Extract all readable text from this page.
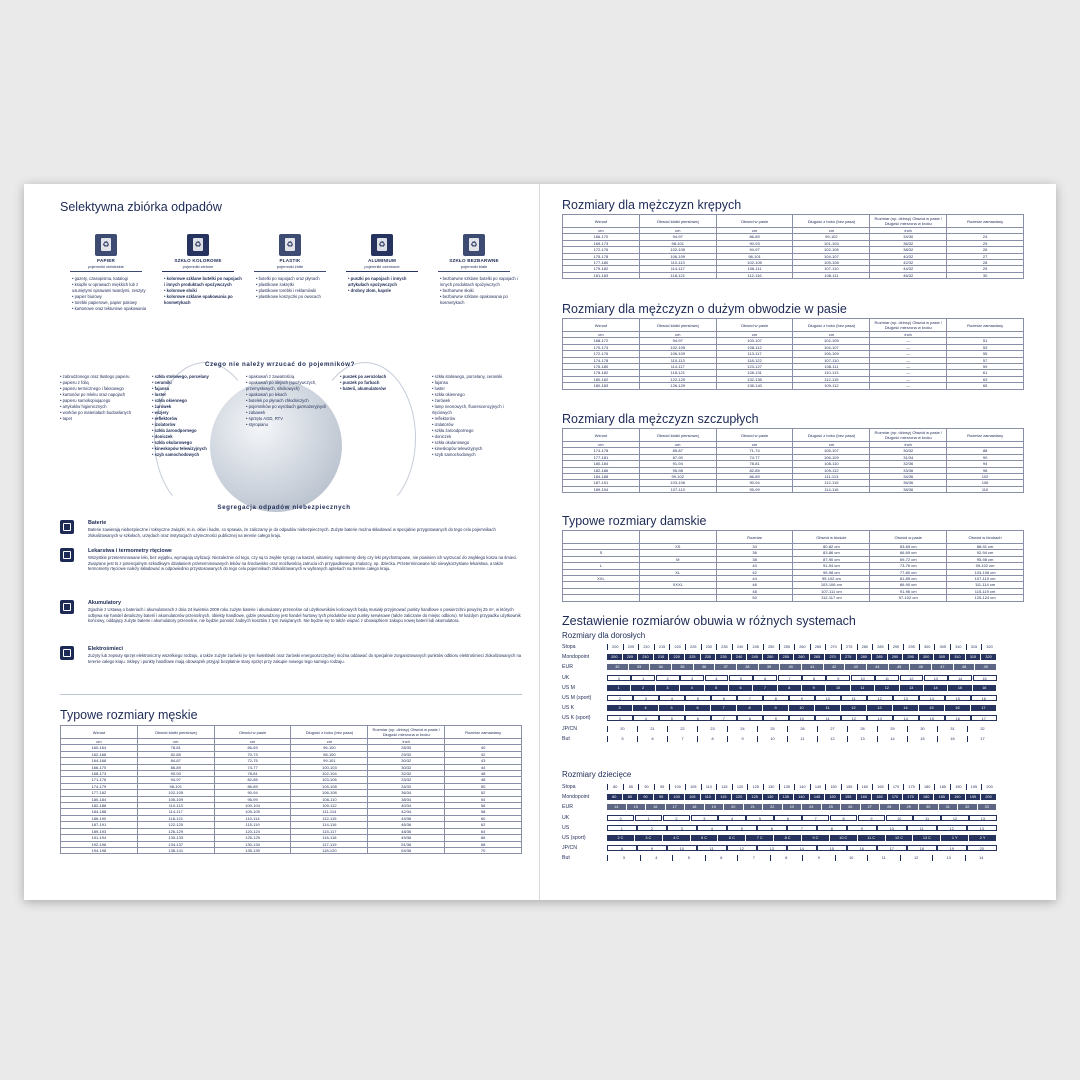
Selektywna zbiórka odpadów
♻
PAPIER
pojemniki niebieskie
• gazety, czasopisma, katalogi
• książki w oprawach miękkich lub z usuniętymi oprawami twardymi, zeszyty
• papier biurowy
• torebki papierowe, papier pakowy
• kartonowe oraz tekturowe opakowania
♻
SZKŁO KOLOROWE
pojemniki zielone
• kolorowe szklane butelki po napojach i innych produktach spożywczych
• kolorowe słoiki
• kolorowe szklane opakowania po kosmetykach
♻
PLASTIK
pojemniki żółte
• butelki po napojach oraz płynach
• plastikowe zakrętki
• plastikowe torebki i reklamówki
• plastikowe koszyczki po owocach
♻
ALUMINIUM
pojemniki czerwone
• puszki po napojach i innych artykułach spożywczych
• drobny złom, kapsle
♻
SZKŁO BEZBARWNE
pojemniki białe
• bezbarwne szklane butelki po napojach i innych produktach spożywczych
• bezbarwne słoiki
• bezbarwne szklane opakowania po kosmetykach
Czego nie należy wrzucać do pojemników?
• zabrudzonego oraz tłustego papieru
• papieru z folią
• papieru termicznego i faksowego
• kartonów po mleku oraz napojach
• papieru samokopiującego
• artykułów higienicznych
• worków po materiałach budowlanych
• tapet
• szkła stołowego, porcelany
• ceramiki
• fajansu
• luster
• szkła okiennego
• żarówek
• wizjery
• reflektorów
• izolatorów
• szkła żaroodpornego
• doniczek
• szkła okularowego
• kineskopów telewizyjnych
• szyb samochodowych
• opakowań z zawartością
• opakowań po olejach (spożywczych, przemysłowych, silnikowych)
• opakowań po lekach
• butelek po płynach chłodniczych
• pojemników po wyrobach garmażeryjnych
• zabawek
• sprzętu AGD, RTV
• styropianu
• puszek po aerozolach
• puszek po farbach
• baterii, akumulatorów
• szkła stołowego, porcelany, ceramiki
• fajansu
• luster
• szkła okiennego
• żarówek
• lamp neonowych, fluorescencyjnych i rtęciowych
• reflektorów
• izolatorów
• szkła żaroodpornego
• doniczek
• szkła okularowego
• kineskopów telewizyjnych
• szyb samochodowych
Segregacja odpadów niebezpiecznych
Baterie
Baterie zawierają niebezpieczne i toksyczne związki, m.in. ołów i kadm, co sprawia, że zaliczamy je do odpadów niebezpiecznych. Zużyte baterie można składować w specjalnie przygotowanych do tego celu pojemnikach zlokalizowanych w szkołach, urzędach oraz instytucjach użyteczności publicznej na terenie całego kraju.
Lekarstwa i termometry rtęciowe
Wszystkie przeterminowane leki, bez wyjątku, wymagają utylizacji. Niezależnie od tego, czy są to zwykłe syropy na kaszel, witaminy, suplementy diety czy leki psychotropowe, nie powinien ich wyrzucać do zwykłego kosza na śmieci. Związane jest to z potencjalnym szkodliwym działaniem przeterminowanych leków na środowisko oraz możliwością zatrucia ich przypadkowego znalazcy, np. dziecka. Przeterminowane lub niewykorzystane lekarstwa, a także termometry rtęciowe należy składować w odpowiednio przystosowanych do tego celu pojemnikach zlokalizowanych w wybranych aptekach na terenie całego kraju.
Akumulatory
Zgodnie z Ustawą o bateriach i akumulatorach z dnia 24 kwietnia 2009 roku zużyte baterie i akumulatory przenośne od użytkowników końcowych będą musiały przyjmować punkty handlowe o powierzchni powyżej 25 m², w których odbywa się handel detaliczny baterii i akumulatorów przenośnych, obiekty handlowe, gdzie prowadzony jest handel hurtowy tych produktów oraz punkty serwisowe (także zaliczane do miejsc odbioru). W każdym przypadku użytkownik końcowy, oddający zużyte baterie i akumulatory przenośne, nie będzie ponosić żadnych kosztów z tym związanych. Nie będzie się to także wiązać z obowiązkiem zakupu nowej baterii lub akumulatora.
Elektrośmieci
Zużyty lub zepsuty sprzęt elektroniczny wszelkiego rodzaju, a także zużyte żarówki (w tym świetlówki oraz żarówki energooszczędne) można oddawać do specjalnie zorganizowanych punktów odbioru elektrośmieci zlokalizowanych na terenie całego kraju. Sklepy i punkty handlowe mają obowiązek przyjąć bezpłatnie stary sprzęt przy zakupie nowego tego samego rodzaju.
Typowe rozmiary męskie
Wzrost	Obwód klatki piersiowej	Obwód w pasie	Długość z boku (bez pasa)	Rozmiar (np. dżinsy) Obwód w pasie / Długość mierzona w kroku	Rozmiar zamawiany
cm	cm	cm	cm	inch	
160-164	78-81	66-69	96-100	28/30	40
162-166	82-85	70-73	98-100	29/32	42
164-168	84-87	72-75	99-101	30/32	43
166-170	86-89	74-77	100-103	30/32	44
168-173	90-93	78-81	102-104	32/32	48
171-176	94-97	82-85	103-106	33/32	48
174-179	98-101	86-89	105-108	34/32	50
177-182	102-105	90-94	106-108	36/34	52
180-184	106-109	95-99	108-110	38/34	54
182-186	110-113	100-104	109-112	40/34	56
184-188	114-117	105-109	111-114	42/34	58
186-190	118-121	110-114	112-115	44/36	60
187-191	122-125	115-119	114-116	46/36	62
189-193	126-129	120-124	115-117	48/36	64
191-194	130-133	125-129	116-118	49/36	66
192-196	134-137	130-134	117-119	51/36	68
194-198	138-141	135-139	118-120	54/36	70
Rozmiary dla mężczyzn krępych
Wzrost	Obwód klatki piersiowej	Obwód w pasie	Długość z boku (bez pasa)	Rozmiar (np. dżinsy) Obwód w pasie / Długość mierzona w kroku	Rozmiar zamawiany
cm	cm	cm	cm	inch	
166-170	94-97	86-89	99-102	34/30	24
169-173	98-101	90-93	101-104	36/32	25
172-176	102-105	94-97	102-105	38/32	26
175-178	106-109	98-101	104-107	40/32	27
177-180	110-113	102-105	105-108	42/32	28
179-182	114-117	106-111	107-110	44/32	29
181-183	118-121	112-116	108-111	46/32	30
Rozmiary dla mężczyzn o dużym obwodzie w pasie
Wzrost	Obwód klatki piersiowej	Obwód w pasie	Długość z boku (bez pasa)	Rozmiar (np. dżinsy) Obwód w pasie / Długość mierzona w kroku	Rozmiar zamawiany
cm	cm	cm	cm	inch	
168-172	94-97	103-107	102-105	—	51
170-174	102-105	108-112	104-107	—	53
172-176	106-109	113-117	106-109	—	55
174-178	110-113	118-122	107-110	—	57
176-180	114-117	123-127	108-111	—	59
178-182	118-121	128-131	110-113	—	61
180-182	122-125	132-135	112-115	—	63
180-183	126-129	136-140	109-112	—	65
Rozmiary dla mężczyzn szczupłych
Wzrost	Obwód klatki piersiowej	Obwód w pasie	Długość z boku (bez pasa)	Rozmiar (np. dżinsy) Obwód w pasie / Długość mierzona w kroku	Rozmiar zamawiany
cm	cm	cm	cm	inch	
174-178	85-87	71-74	105-107	30/32	88
177-181	87-90	74-77	106-109	31/34	90
180-184	91-94	78-81	108-110	32/36	94
182-186	95-98	82-85	109-112	33/36	98
184-188	99-102	86-89	111-113	34/36	102
187-191	103-106	90-94	112-115	36/36	106
189-194	107-110	95-99	114-116	38/36	110
Typowe rozmiary damskie
		Rozmiar	Obwód w biuście	Obwód w pasie	Obwód w biodrach
	XS	34	80-82 cm	63-65 cm	88-91 cm
S		36	83-86 cm	66-69 cm	92-94 cm
	M	38	87-90 cm	69-72 cm	95-98 cm
L		40	91-94 cm	73-76 cm	99-102 cm
	XL	42	95-98 cm	77-80 cm	103-106 cm
XXL		44	99-102 cm	81-85 cm	107-110 cm
	XXXL	46	103-106 cm	86-90 cm	111-114 cm
		48	107-111 cm	91-96 cm	115-119 cm
		50	112-117 cm	97-102 cm	120-124 cm
Zestawienie rozmiarów obuwia w różnych systemach
Rozmiary dla dorosłych
Stopa	200	205	210	215	220	225	230	235	240	245	250	255	260	265	270	275	280	285	290	295	300	305	310	315	320
Mondopoint	200	205	210	215	220	225	230	235	240	245	250	255	260	265	270	275	280	285	290	295	300	305	310	315	320
EUR	32	33	34	35	36	37	38	39	40	41	42	43	44	45	46	47	48	49
UK	0	1	2	3	4	5	6	7	8	9	10	11	12	13	14	15
US M	1	2	3	4	5	6	7	8	9	10	11	12	13	14	15	16
US M (sport)	2	3	4	5	6	7	8	9	10	11	12	13	14	15	16
US K	3	4	5	6	7	8	9	10	11	12	13	14	15	16	17
US K (sport)	3	4	5	6	7	8	9	10	11	12	13	14	15	16	17
JP/CN	20	21	22	23	24	25	26	27	28	29	30	31	32
But	5	6	7	8	9	10	11	12	13	14	15	16	17
Rozmiary dziecięce
Stopa	80	85	90	95	100	105	110	115	120	125	130	135	140	145	150	155	160	165	170	175	180	185	190	195	200
Mondopoint	80	85	90	95	100	105	110	115	120	125	130	135	140	145	150	155	160	165	170	175	180	185	190	195	200
EUR	14	15	16	17	18	19	20	21	22	23	24	25	26	27	28	29	30	31	32	33
UK	0	1	2	3	4	5	6	7	8	9	10	11	12	13
US	1	2	3	4	5	6	7	8	9	10	11	12	13
US (sport)	2 C	3 C	4 C	5 C	6 C	7 C	8 C	9 C	10 C	11 C	12 C	13 C	1 Y	2 Y
JP/CN	8	9	10	11	12	13	14	15	16	17	18	19	20
But	3	4	5	6	7	8	9	10	11	12	13	14
